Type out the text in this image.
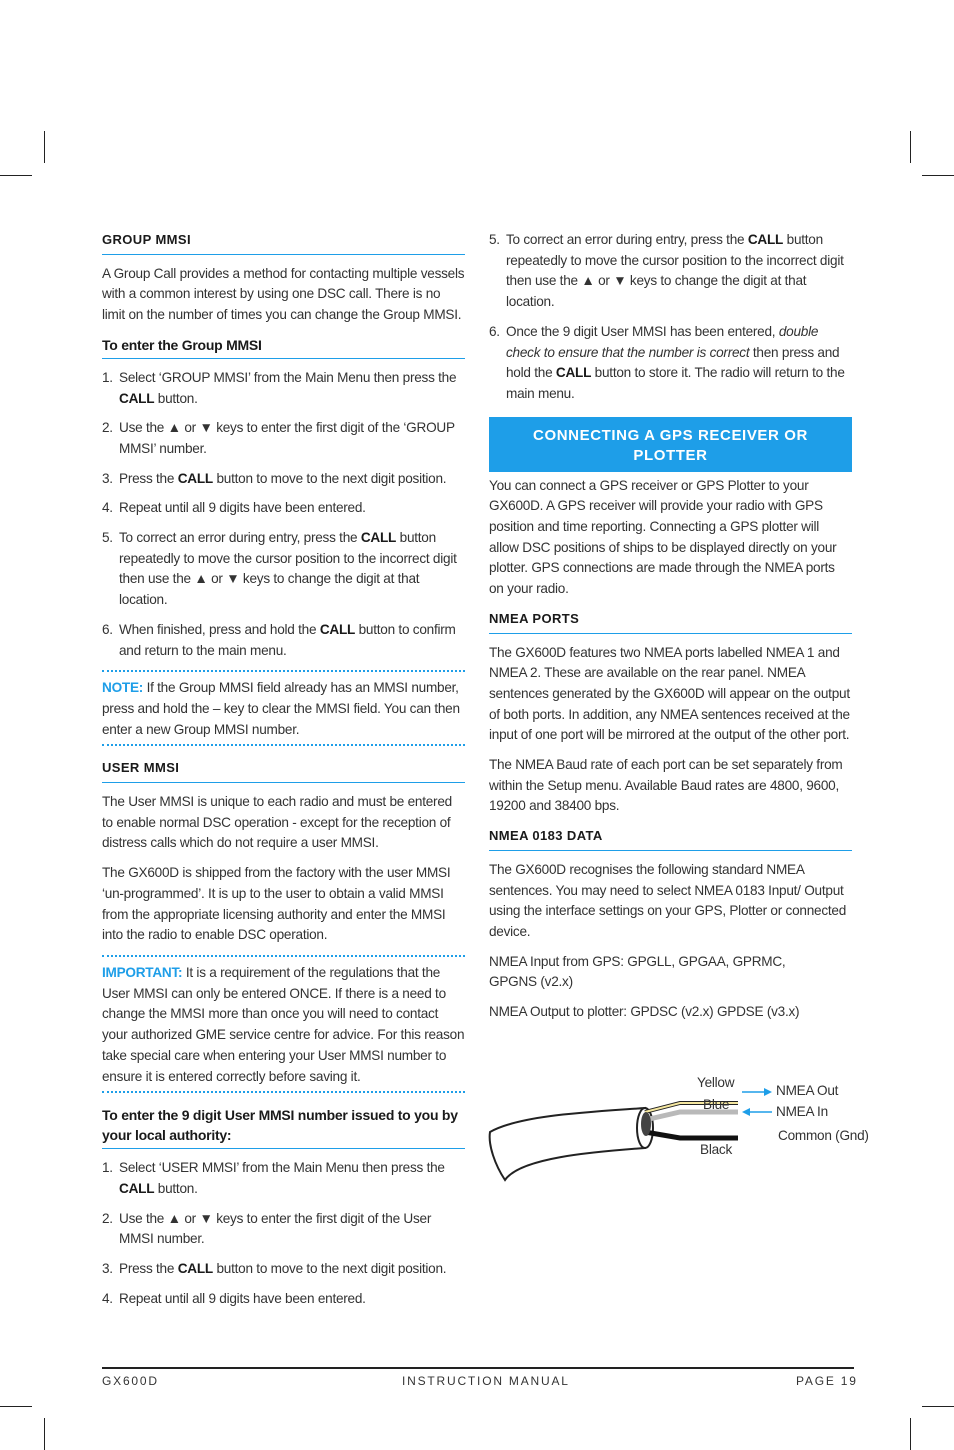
GROUP MMSI

A Group Call provides a method for contacting multiple vessels with a common interest by using one DSC call. There is no limit on the number of times you can change the Group MMSI.

To enter the Group MMSI
1. Select ‘GROUP MMSI’ from the Main Menu then press the CALL button.
2. Use the ▲ or ▼ keys to enter the first digit of the ‘GROUP MMSI’ number.
3. Press the CALL button to move to the next digit position.
4. Repeat until all 9 digits have been entered.
5. To correct an error during entry, press the CALL button repeatedly to move the cursor position to the incorrect digit then use the ▲ or ▼ keys to change the digit at that location.
6. When finished, press and hold the CALL button to confirm and return to the main menu.
NOTE: If the Group MMSI field already has an MMSI number, press and hold the – key to clear the MMSI field. You can then enter a new Group MMSI number.
USER MMSI

The User MMSI is unique to each radio and must be entered to enable normal DSC operation - except for the reception of distress calls which do not require a user MMSI.

The GX600D is shipped from the factory with the user MMSI ‘un-programmed’. It is up to the user to obtain a valid MMSI from the appropriate licensing authority and enter the MMSI into the radio to enable DSC operation.

IMPORTANT: It is a requirement of the regulations that the User MMSI can only be entered ONCE. If there is a need to change the MMSI more than once you will need to contact your authorized GME service centre for advice. For this reason take special care when entering your User MMSI number to ensure it is entered correctly before saving it.
To enter the 9 digit User MMSI number issued to you by your local authority:
1. Select ‘USER MMSI’ from the Main Menu then press the CALL button.
2. Use the ▲ or ▼ keys to enter the first digit of the User MMSI number.
3. Press the CALL button to move to the next digit position.
4. Repeat until all 9 digits have been entered.
5. To correct an error during entry, press the CALL button repeatedly to move the cursor position to the incorrect digit then use the ▲ or ▼ keys to change the digit at that location.
6. Once the 9 digit User MMSI has been entered, double check to ensure that the number is correct then press and hold the CALL button to store it. The radio will return to the main menu.
CONNECTING A GPS RECEIVER OR PLOTTER

You can connect a GPS receiver or GPS Plotter to your GX600D. A GPS receiver will provide your radio with GPS position and time reporting. Connecting a GPS plotter will allow DSC positions of ships to be displayed directly on your plotter. GPS connections are made through the NMEA ports on your radio.

NMEA PORTS

The GX600D features two NMEA ports labelled NMEA 1 and NMEA 2. These are available on the rear panel. NMEA sentences generated by the GX600D will appear on the output of both ports. In addition, any NMEA sentences received at the input of one port will be mirrored at the output of the other port.

The NMEA Baud rate of each port can be set separately from within the Setup menu. Available Baud rates are 4800, 9600, 19200 and 38400 bps.

NMEA 0183 DATA

The GX600D recognises the following standard NMEA sentences. You may need to select NMEA 0183 Input/ Output using the interface settings on your GPS, Plotter or connected device.

NMEA Input from GPS: GPGLL, GPGAA, GPRMC,
GPGNS (v2.x)

NMEA Output to plotter: GPDSC (v2.x) GPDSE (v3.x)

Yellow
Blue
Black
NMEA Out
NMEA In
Common (Gnd)
GX600D	INSTRUCTION MANUAL	PAGE 19
